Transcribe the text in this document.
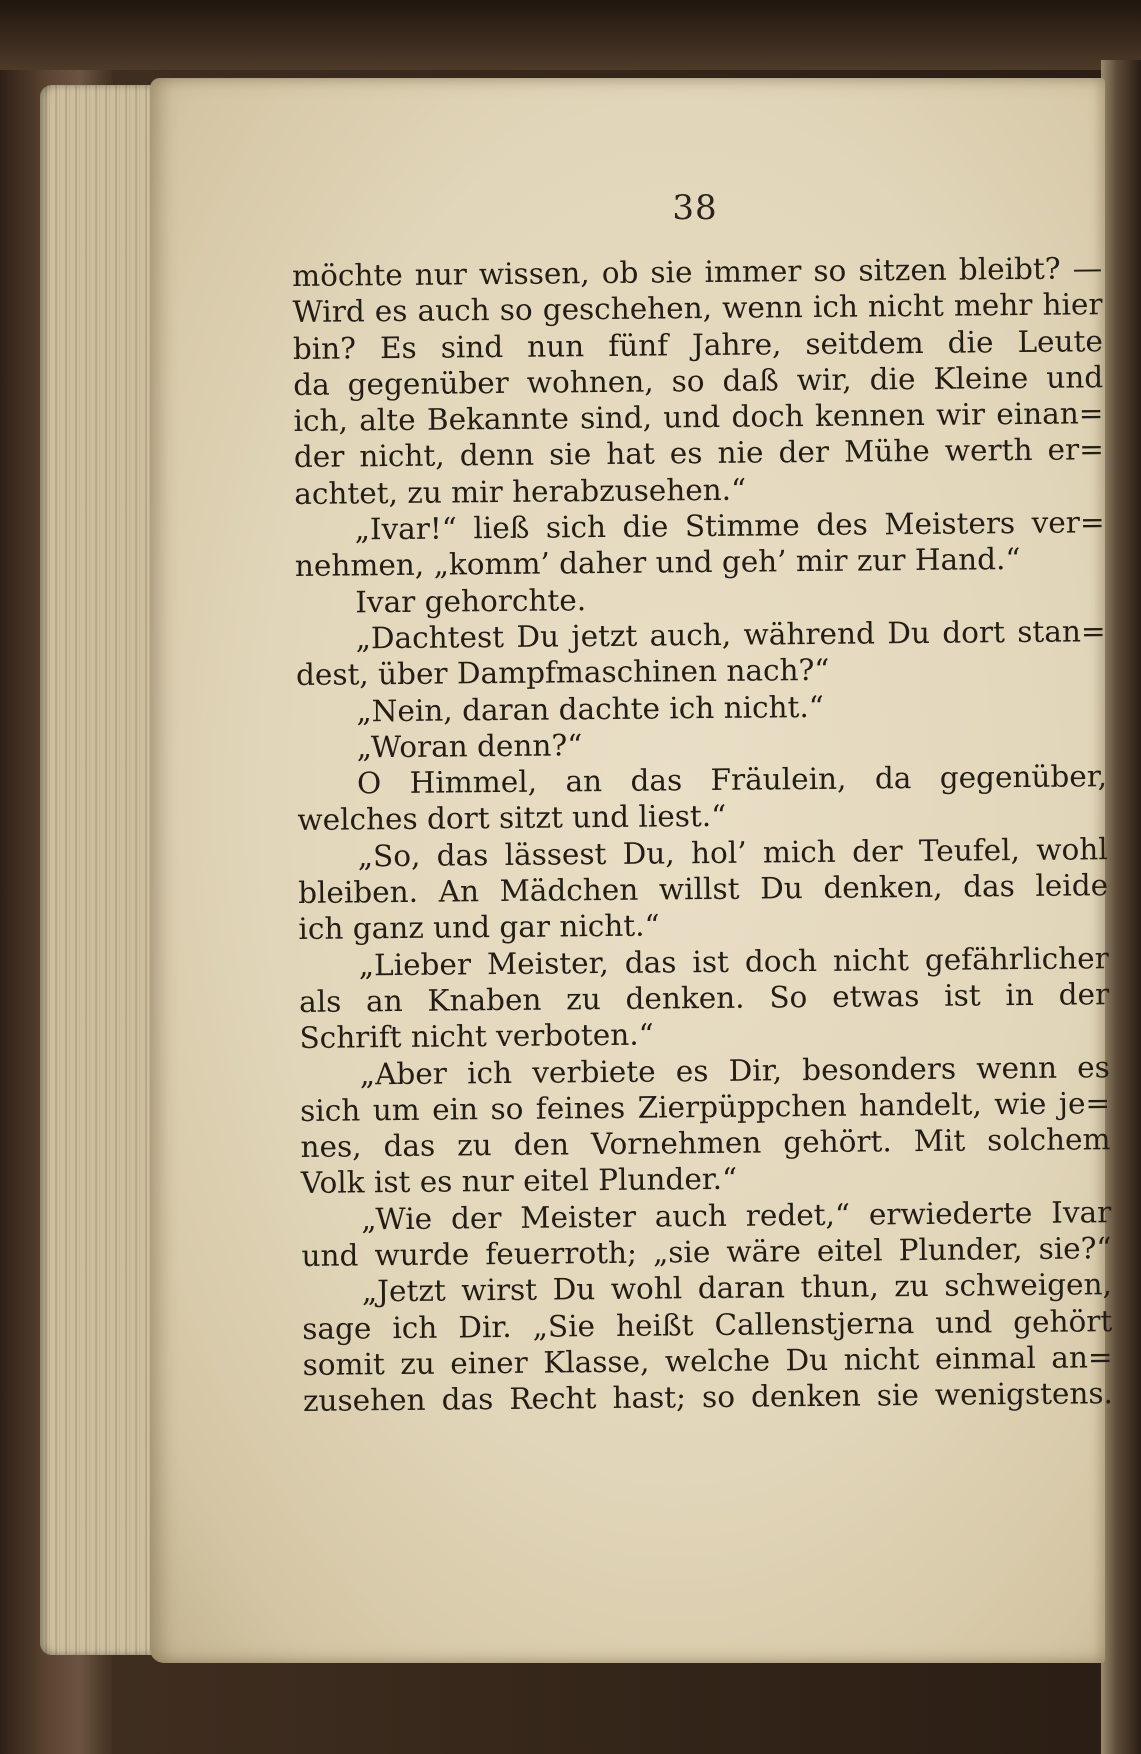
38
möchte nur wissen, ob sie immer so sitzen bleibt? —
Wird es auch so geschehen, wenn ich nicht mehr hier
bin? Es sind nun fünf Jahre, seitdem die Leute
da gegenüber wohnen, so daß wir, die Kleine und
ich, alte Bekannte sind, und doch kennen wir einan=
der nicht, denn sie hat es nie der Mühe werth er=
achtet, zu mir herabzusehen.“
„Ivar!“ ließ sich die Stimme des Meisters ver=
nehmen, „komm’ daher und geh’ mir zur Hand.“
Ivar gehorchte.
„Dachtest Du jetzt auch, während Du dort stan=
dest, über Dampfmaschinen nach?“
„Nein, daran dachte ich nicht.“
„Woran denn?“
O Himmel, an das Fräulein, da gegenüber,
welches dort sitzt und liest.“
„So, das lässest Du, hol’ mich der Teufel, wohl
bleiben. An Mädchen willst Du denken, das leide
ich ganz und gar nicht.“
„Lieber Meister, das ist doch nicht gefährlicher
als an Knaben zu denken. So etwas ist in der
Schrift nicht verboten.“
„Aber ich verbiete es Dir, besonders wenn es
sich um ein so feines Zierpüppchen handelt, wie je=
nes, das zu den Vornehmen gehört. Mit solchem
Volk ist es nur eitel Plunder.“
„Wie der Meister auch redet,“ erwiederte Ivar
und wurde feuerroth; „sie wäre eitel Plunder, sie?“
„Jetzt wirst Du wohl daran thun, zu schweigen,
sage ich Dir. „Sie heißt Callenstjerna und gehört
somit zu einer Klasse, welche Du nicht einmal an=
zusehen das Recht hast; so denken sie wenigstens.
